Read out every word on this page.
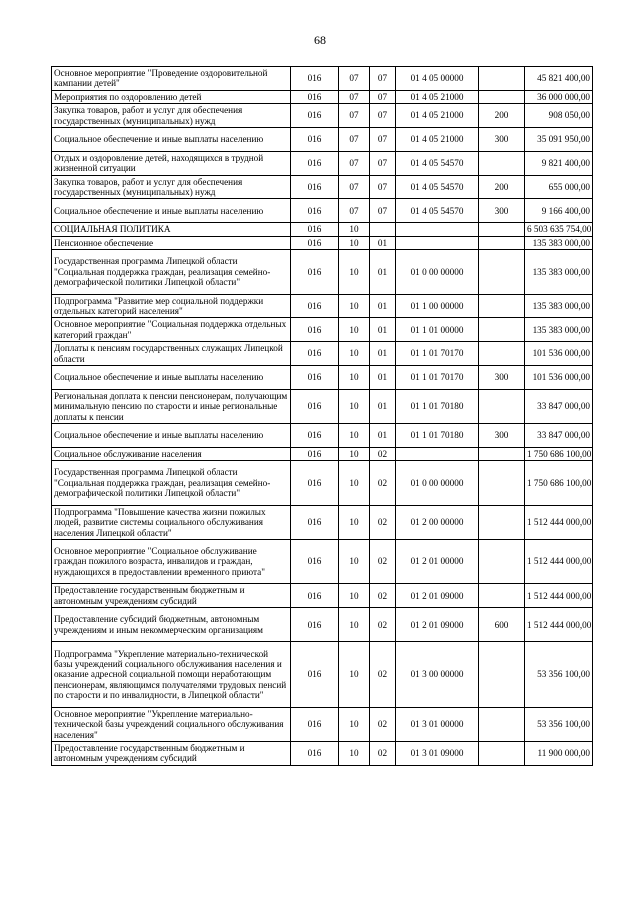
68
Основное мероприятие "Проведение оздоровительной кампании детей"	016	07	07	01 4 05 00000		45 821 400,00
Мероприятия по оздоровлению детей	016	07	07	01 4 05 21000		36 000 000,00
Закупка товаров, работ и услуг для обеспечения государственных (муниципальных) нужд	016	07	07	01 4 05 21000	200	908 050,00
Социальное обеспечение и иные выплаты населению	016	07	07	01 4 05 21000	300	35 091 950,00
Отдых и оздоровление детей, находящихся в трудной жизненной ситуации	016	07	07	01 4 05 54570		9 821 400,00
Закупка товаров, работ и услуг для обеспечения государственных (муниципальных) нужд	016	07	07	01 4 05 54570	200	655 000,00
Социальное обеспечение и иные выплаты населению	016	07	07	01 4 05 54570	300	9 166 400,00
СОЦИАЛЬНАЯ ПОЛИТИКА	016	10				6 503 635 754,00
Пенсионное обеспечение	016	10	01			135 383 000,00
Государственная программа Липецкой области "Социальная поддержка граждан, реализация семейно-демографической политики Липецкой области"	016	10	01	01 0 00 00000		135 383 000,00
Подпрограмма "Развитие мер социальной поддержки отдельных категорий населения"	016	10	01	01 1 00 00000		135 383 000,00
Основное мероприятие "Социальная поддержка отдельных категорий граждан"	016	10	01	01 1 01 00000		135 383 000,00
Доплаты к пенсиям государственных служащих Липецкой области	016	10	01	01 1 01 70170		101 536 000,00
Социальное обеспечение и иные выплаты населению	016	10	01	01 1 01 70170	300	101 536 000,00
Региональная доплата к пенсии пенсионерам, получающим минимальную пенсию по старости и иные региональные доплаты к пенсии	016	10	01	01 1 01 70180		33 847 000,00
Социальное обеспечение и иные выплаты населению	016	10	01	01 1 01 70180	300	33 847 000,00
Социальное обслуживание населения	016	10	02			1 750 686 100,00
Государственная программа Липецкой области "Социальная поддержка граждан, реализация семейно-демографической политики Липецкой области"	016	10	02	01 0 00 00000		1 750 686 100,00
Подпрограмма "Повышение качества жизни пожилых людей, развитие системы социального обслуживания населения Липецкой области"	016	10	02	01 2 00 00000		1 512 444 000,00
Основное мероприятие "Социальное обслуживание граждан пожилого возраста, инвалидов и граждан, нуждающихся в предоставлении временного приюта"	016	10	02	01 2 01 00000		1 512 444 000,00
Предоставление государственным бюджетным и автономным учреждениям субсидий	016	10	02	01 2 01 09000		1 512 444 000,00
Предоставление субсидий бюджетным, автономным учреждениям и иным некоммерческим организациям	016	10	02	01 2 01 09000	600	1 512 444 000,00
Подпрограмма "Укрепление материально-технической базы учреждений социального обслуживания населения и оказание адресной социальной помощи неработающим пенсионерам, являющимся получателями трудовых пенсий по старости и по инвалидности, в Липецкой области"	016	10	02	01 3 00 00000		53 356 100,00
Основное мероприятие "Укрепление материально-технической базы учреждений социального обслуживания населения"	016	10	02	01 3 01 00000		53 356 100,00
Предоставление государственным бюджетным и автономным учреждениям субсидий	016	10	02	01 3 01 09000		11 900 000,00
